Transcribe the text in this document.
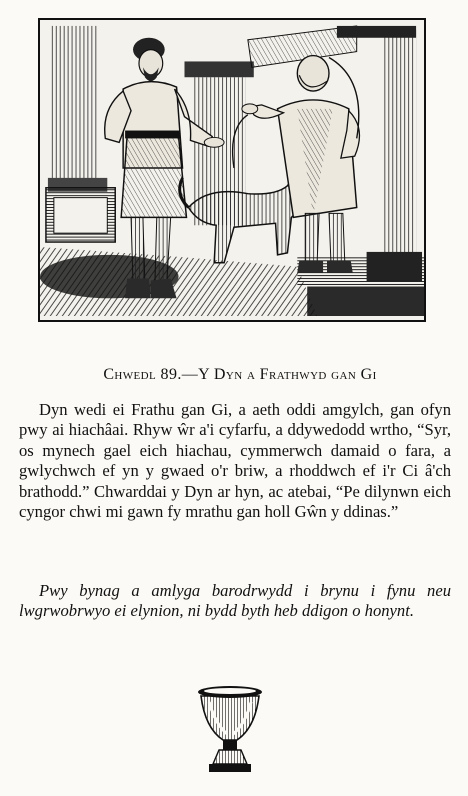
Chwedl 89.—Y Dyn a Frathwyd gan Gi
Dyn wedi ei Frathu gan Gi, a aeth oddi amgylch, gan ofyn pwy ai hiachâai. Rhyw ŵr a'i cyfarfu, a ddywedodd wrtho, “Syr, os mynech gael eich hiachau, cymmerwch damaid o fara, a gwlychwch ef yn y gwaed o'r briw, a rhoddwch ef i'r Ci â'ch brathodd.” Chwarddai y Dyn ar hyn, ac atebai, “Pe dilynwn eich cyngor chwi mi gawn fy mrathu gan holl Gŵn y ddinas.”
Pwy bynag a amlyga barodrwydd i brynu i fynu neu lwgrwobrwyo ei elynion, ni bydd byth heb ddigon o honynt.
